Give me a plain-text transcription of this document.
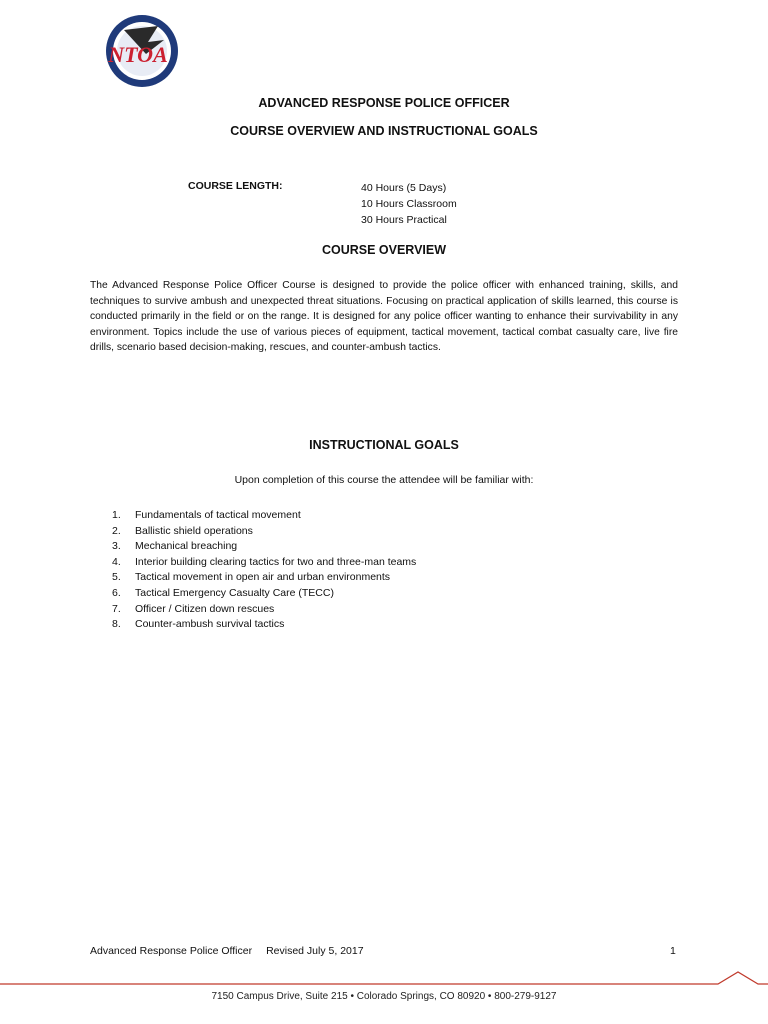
NTOA
ADVANCED RESPONSE POLICE OFFICER
COURSE OVERVIEW AND INSTRUCTIONAL GOALS
COURSE LENGTH:	40 Hours (5 Days)
10 Hours Classroom
30 Hours Practical
COURSE OVERVIEW

The Advanced Response Police Officer Course is designed to provide the police officer with enhanced training, skills, and techniques to survive ambush and unexpected threat situations. Focusing on practical application of skills learned, this course is conducted primarily in the field or on the range. It is designed for any police officer wanting to enhance their survivability in any environment. Topics include the use of various pieces of equipment, tactical movement, tactical combat casualty care, live fire drills, scenario based decision-making, rescues, and counter-ambush tactics.

INSTRUCTIONAL GOALS
Upon completion of this course the attendee will be familiar with:
1. Fundamentals of tactical movement
2. Ballistic shield operations
3. Mechanical breaching
4. Interior building clearing tactics for two and three-man teams
5. Tactical movement in open air and urban environments
6. Tactical Emergency Casualty Care (TECC)
7. Officer / Citizen down rescues
8. Counter-ambush survival tactics
Advanced Response Police Officer Revised July 5, 2017	1
7150 Campus Drive, Suite 215 • Colorado Springs, CO 80920 • 800-279-9127
